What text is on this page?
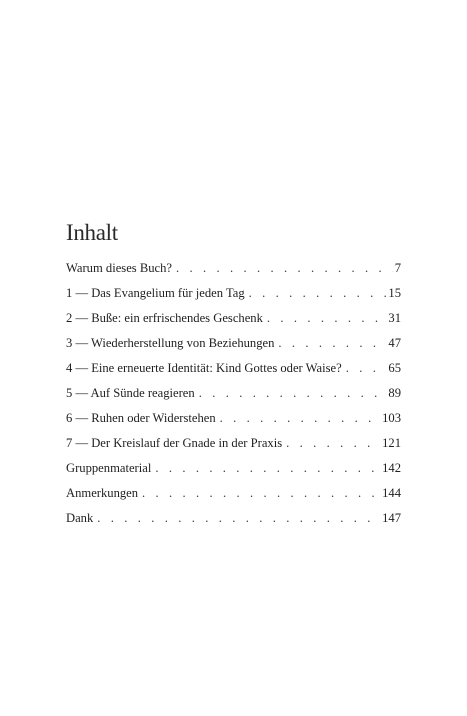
Inhalt
Warum dieses Buch? . . .	7
1 — Das Evangelium für jeden Tag . . .	15
2 — Buße: ein erfrischendes Geschenk . . .	31
3 — Wiederherstellung von Beziehungen . . .	47
4 — Eine erneuerte Identität: Kind Gottes oder Waise? . . .	65
5 — Auf Sünde reagieren . . .	89
6 — Ruhen oder Widerstehen . . .	103
7 — Der Kreislauf der Gnade in der Praxis . . .	121
Gruppenmaterial . . .	142
Anmerkungen . . .	144
Dank . . .	147
